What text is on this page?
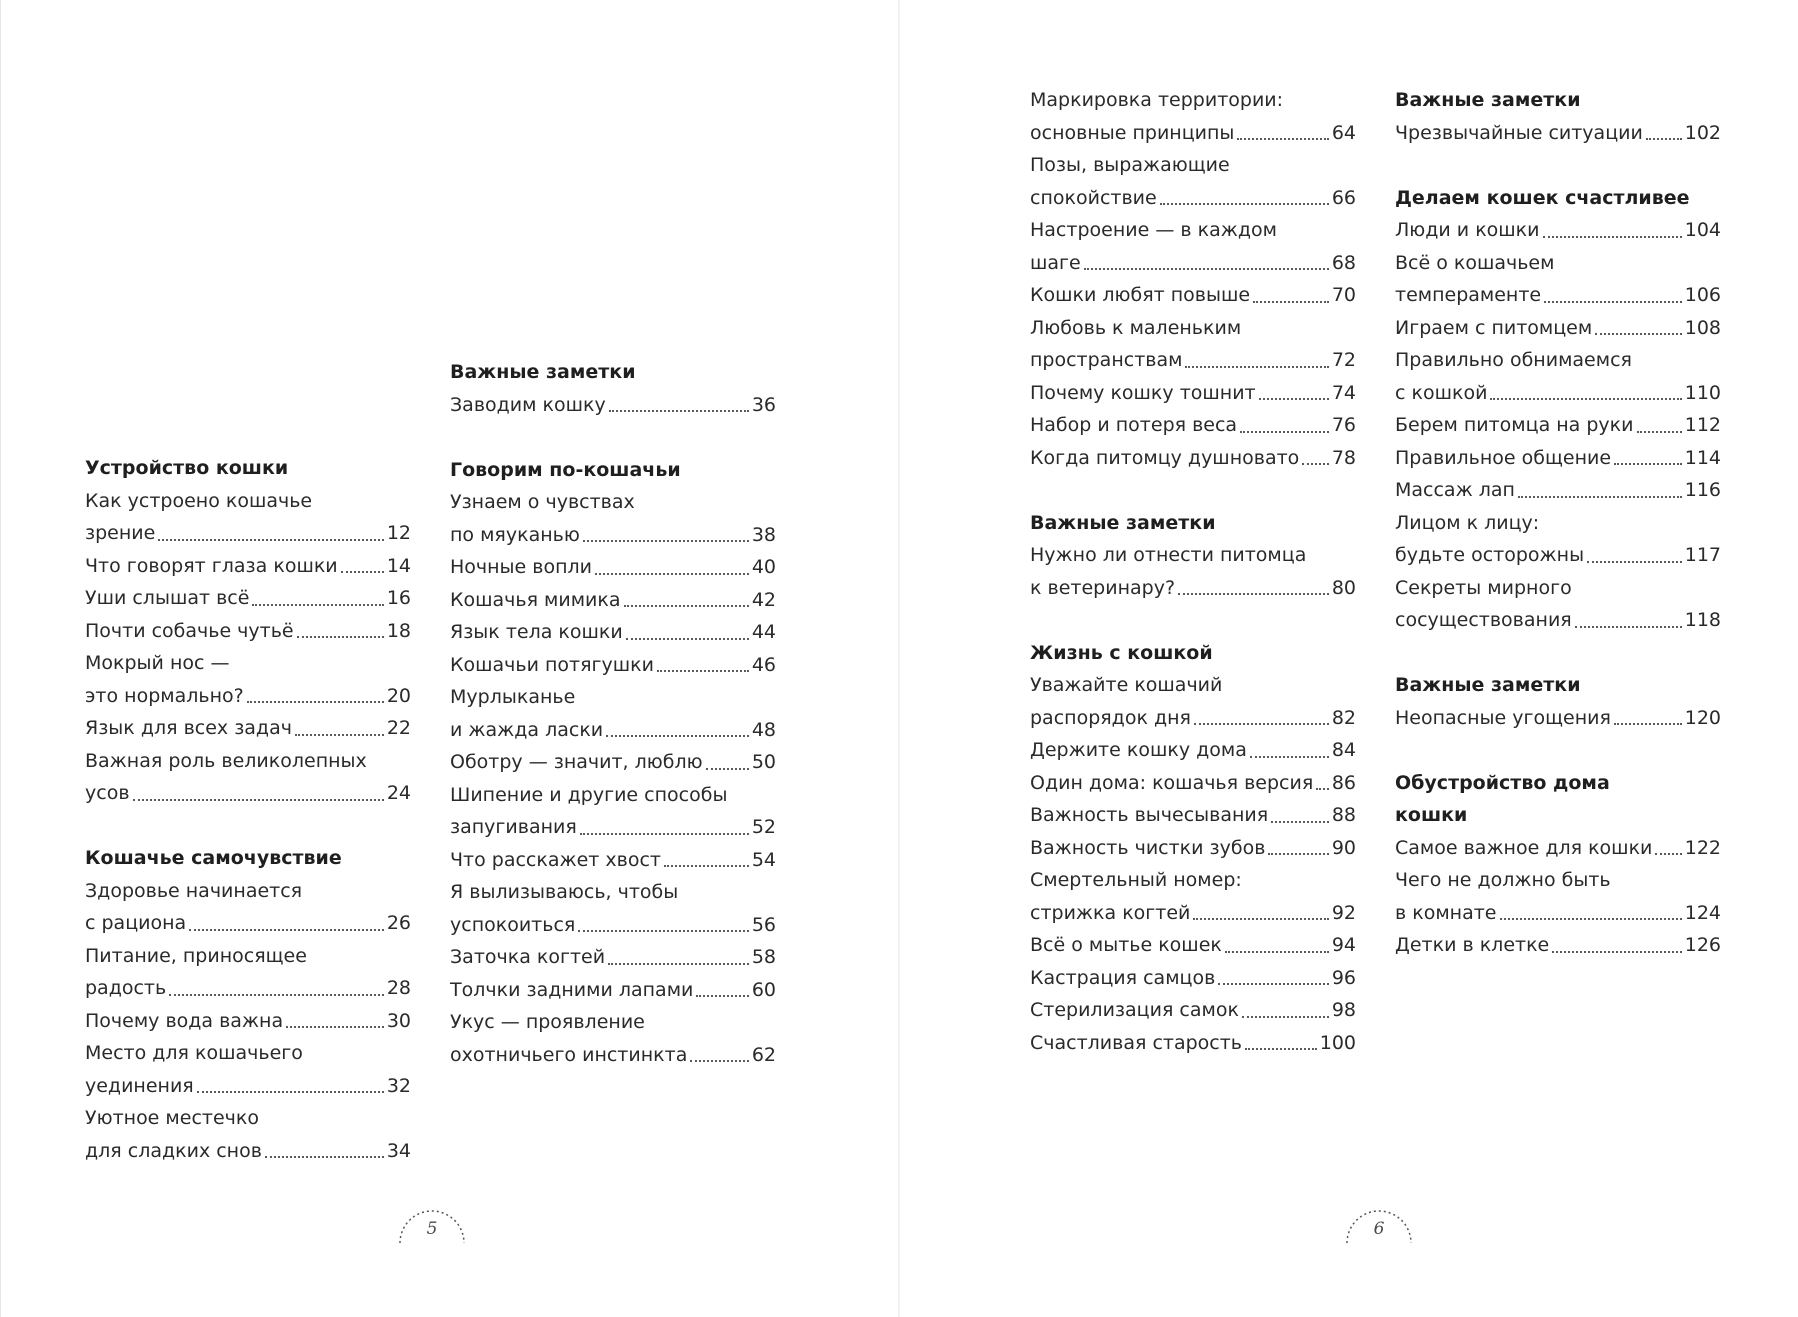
Устройство кошки
Как устроено кошачье
зрение	12
Что говорят глаза кошки	14
Уши слышат всё	16
Почти собачье чутьё	18
Мокрый нос —
это нормально?	20
Язык для всех задач	22
Важная роль великолепных
усов	24
Кошачье самочувствие
Здоровье начинается
с рациона	26
Питание, приносящее
радость	28
Почему вода важна	30
Место для кошачьего
уединения	32
Уютное местечко
для сладких снов	34
Важные заметки
Заводим кошку	36
Говорим по-кошачьи
Узнаем о чувствах
по мяуканью	38
Ночные вопли	40
Кошачья мимика	42
Язык тела кошки	44
Кошачьи потягушки	46
Мурлыканье
и жажда ласки	48
Оботру — значит, люблю	50
Шипение и другие способы
запугивания	52
Что расскажет хвост	54
Я вылизываюсь, чтобы
успокоиться	56
Заточка когтей	58
Толчки задними лапами	60
Укус — проявление
охотничьего инстинкта	62
5
Маркировка территории:
основные принципы	64
Позы, выражающие
спокойствие	66
Настроение — в каждом
шаге	68
Кошки любят повыше	70
Любовь к маленьким
пространствам	72
Почему кошку тошнит	74
Набор и потеря веса	76
Когда питомцу душновато 78
Важные заметки
Нужно ли отнести питомца
к ветеринару?	80
Жизнь с кошкой
Уважайте кошачий
распорядок дня	82
Держите кошку дома	84
Один дома: кошачья версия 86
Важность вычесывания	88
Важность чистки зубов	90
Смертельный номер:
стрижка когтей	92
Всё о мытье кошек	94
Кастрация самцов	96
Стерилизация самок	98
Счастливая старость	100
Важные заметки
Чрезвычайные ситуации 102
Делаем кошек счастливее
Люди и кошки	104
Всё о кошачьем
темпераменте	106
Играем с питомцем	108
Правильно обнимаемся
с кошкой	110
Берем питомца на руки	112
Правильное общение	114
Массаж лап	116
Лицом к лицу:
будьте осторожны	117
Секреты мирного
сосуществования	118
Важные заметки
Неопасные угощения	120
Обустройство дома
кошки
Самое важное для кошки 122
Чего не должно быть
в комнате	124
Детки в клетке	126
6
